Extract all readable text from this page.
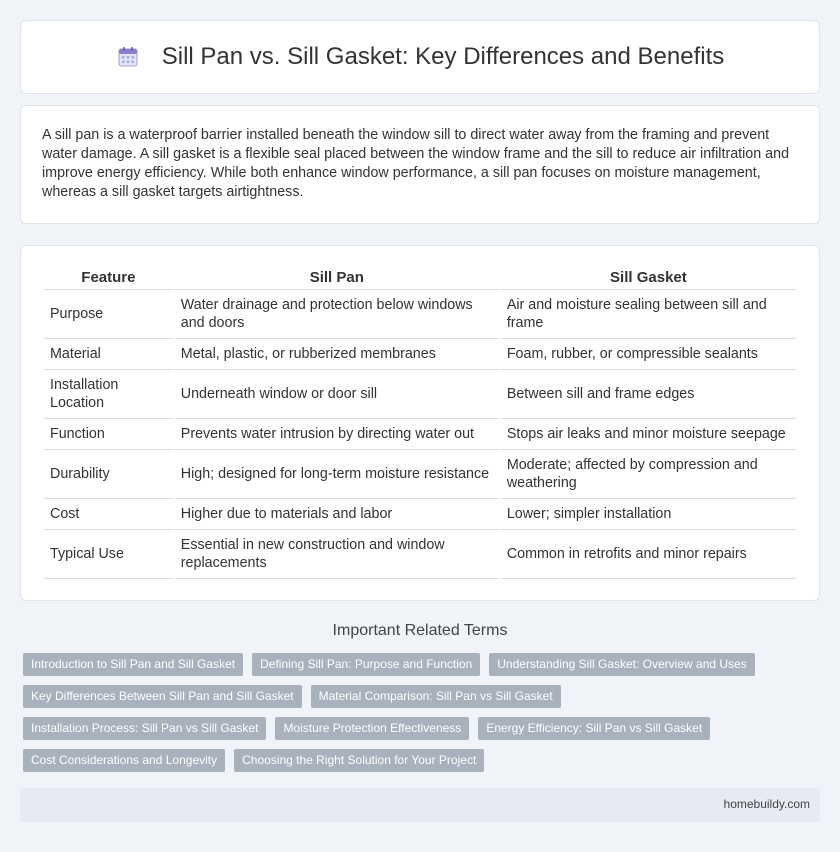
Sill Pan vs. Sill Gasket: Key Differences and Benefits

A sill pan is a waterproof barrier installed beneath the window sill to direct water away from the framing and prevent water damage. A sill gasket is a flexible seal placed between the window frame and the sill to reduce air infiltration and improve energy efficiency. While both enhance window performance, a sill pan focuses on moisture management, whereas a sill gasket targets airtightness.

Feature	Sill Pan	Sill Gasket
Purpose	Water drainage and protection below windows and doors	Air and moisture sealing between sill and frame
Material	Metal, plastic, or rubberized membranes	Foam, rubber, or compressible sealants
Installation Location	Underneath window or door sill	Between sill and frame edges
Function	Prevents water intrusion by directing water out	Stops air leaks and minor moisture seepage
Durability	High; designed for long-term moisture resistance	Moderate; affected by compression and weathering
Cost	Higher due to materials and labor	Lower; simpler installation
Typical Use	Essential in new construction and window replacements	Common in retrofits and minor repairs
Important Related Terms
Introduction to Sill Pan and Sill Gasket	Defining Sill Pan: Purpose and Function	Understanding Sill Gasket: Overview and Uses
Key Differences Between Sill Pan and Sill Gasket	Material Comparison: Sill Pan vs Sill Gasket
Installation Process: Sill Pan vs Sill Gasket	Moisture Protection Effectiveness	Energy Efficiency: Sill Pan vs Sill Gasket
Cost Considerations and Longevity	Choosing the Right Solution for Your Project
homebuildy.com
